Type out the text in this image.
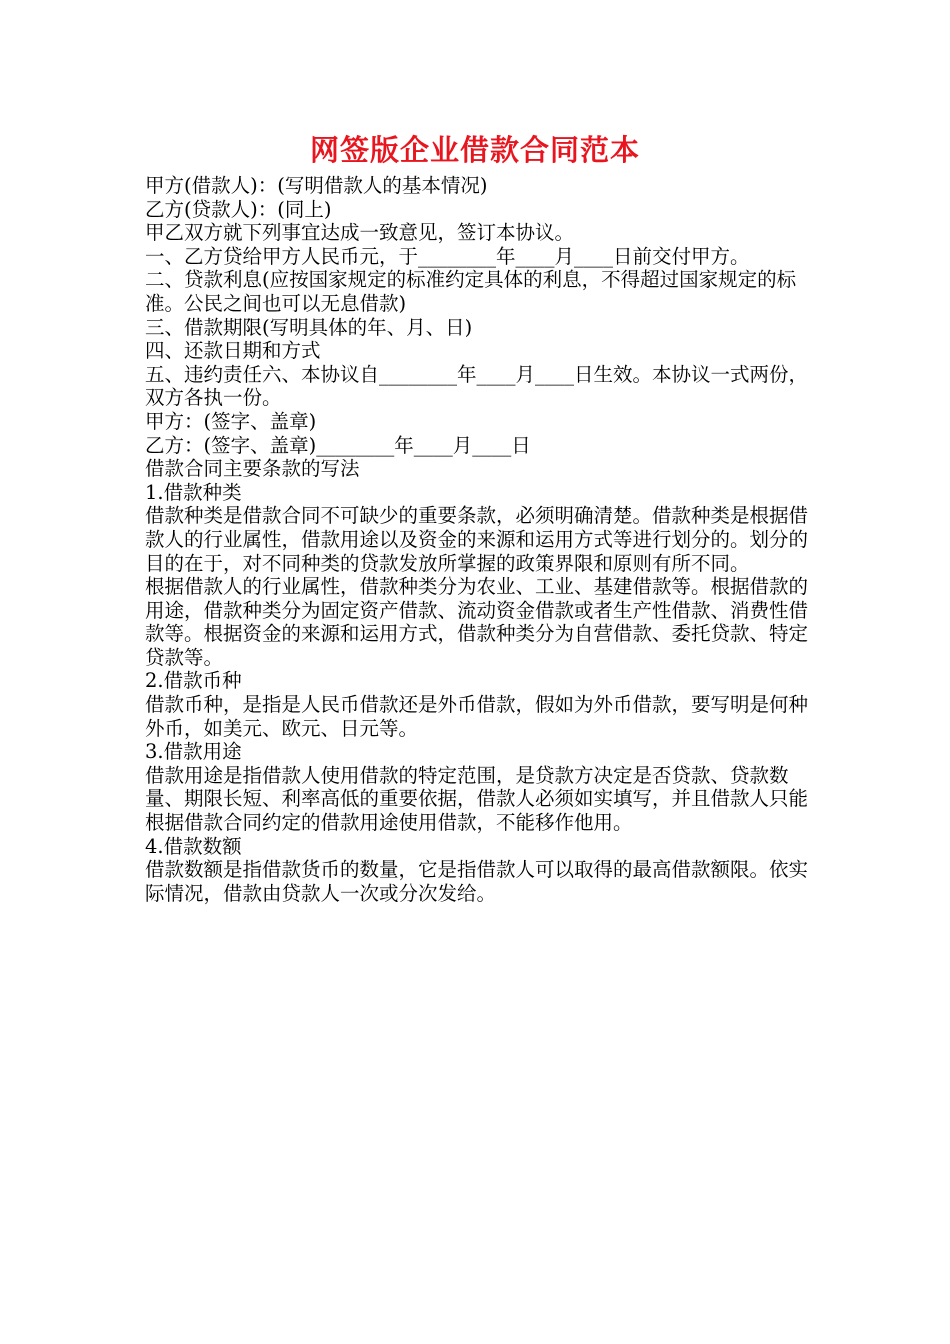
网签版企业借款合同范本

甲方(借款人)：(写明借款人的基本情况)

乙方(贷款人)：(同上)

甲乙双方就下列事宜达成一致意见，签订本协议。

一、乙方贷给甲方人民币元，于________年____月____日前交付甲方。

二、贷款利息(应按国家规定的标准约定具体的利息，不得超过国家规定的标 准。公民之间也可以无息借款)

三、借款期限(写明具体的年、月、日)

四、还款日期和方式

五、违约责任六、本协议自________年____月____日生效。本协议一式两份，双方各执一份。

甲方：(签字、盖章)

乙方：(签字、盖章)________年____月____日

借款合同主要条款的写法

1.借款种类

借款种类是借款合同不可缺少的重要条款，必须明确清楚。借款种类是根据借款人的行业属性，借款用途以及资金的来源和运用方式等进行划分的。划分的目的在于，对不同种类的贷款发放所掌握的政策界限和原则有所不同。

根据借款人的行业属性，借款种类分为农业、工业、基建借款等。根据借款的用途，借款种类分为固定资产借款、流动资金借款或者生产性借款、消费性借款等。根据资金的来源和运用方式，借款种类分为自营借款、委托贷款、特定贷款等。

2.借款币种

借款币种，是指是人民币借款还是外币借款，假如为外币借款，要写明是何种外币，如美元、欧元、日元等。

3.借款用途

借款用途是指借款人使用借款的特定范围，是贷款方决定是否贷款、贷款数量、期限长短、利率高低的重要依据，借款人必须如实填写，并且借款人只能根据借款合同约定的借款用途使用借款，不能移作他用。

4.借款数额

借款数额是指借款货币的数量，它是指借款人可以取得的最高借款额限。依实际情况，借款由贷款人一次或分次发给。
